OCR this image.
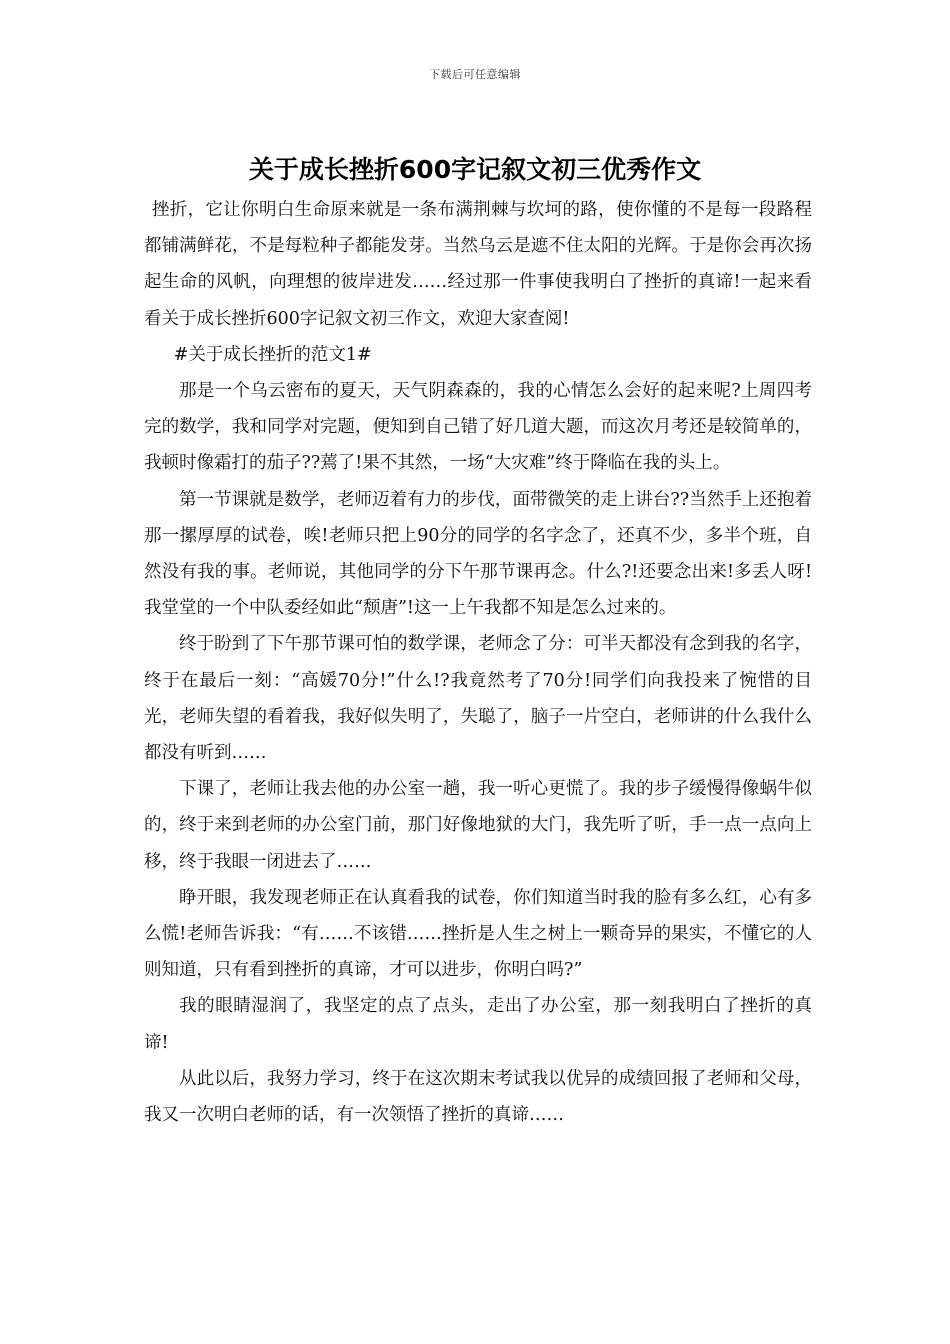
下载后可任意编辑
关于成长挫折600字记叙文初三优秀作文

挫折，它让你明白生命原来就是一条布满荆棘与坎坷的路，使你懂的不是每一段路程都铺满鲜花，不是每粒种子都能发芽。当然乌云是遮不住太阳的光辉。于是你会再次扬起生命的风帆，向理想的彼岸进发……经过那一件事使我明白了挫折的真谛!一起来看看关于成长挫折600字记叙文初三作文，欢迎大家查阅!

#关于成长挫折的范文1#

那是一个乌云密布的夏天，天气阴森森的，我的心情怎么会好的起来呢?上周四考完的数学，我和同学对完题，便知到自己错了好几道大题，而这次月考还是较简单的，我顿时像霜打的茄子??蔫了!果不其然，一场“大灾难”终于降临在我的头上。

第一节课就是数学，老师迈着有力的步伐，面带微笑的走上讲台??当然手上还抱着那一摞厚厚的试卷，唉!老师只把上90分的同学的名字念了，还真不少，多半个班，自然没有我的事。老师说，其他同学的分下午那节课再念。什么?!还要念出来!多丢人呀!我堂堂的一个中队委经如此“颓唐”!这一上午我都不知是怎么过来的。

终于盼到了下午那节课可怕的数学课，老师念了分：可半天都没有念到我的名字，终于在最后一刻：“高媛70分!”什么!?我竟然考了70分!同学们向我投来了惋惜的目光，老师失望的看着我，我好似失明了，失聪了，脑子一片空白，老师讲的什么我什么都没有听到……

下课了，老师让我去他的办公室一趟，我一听心更慌了。我的步子缓慢得像蜗牛似的，终于来到老师的办公室门前，那门好像地狱的大门，我先听了听，手一点一点向上移，终于我眼一闭进去了……

睁开眼，我发现老师正在认真看我的试卷，你们知道当时我的脸有多么红，心有多么慌!老师告诉我：“有……不该错……挫折是人生之树上一颗奇异的果实，不懂它的人则知道，只有看到挫折的真谛，才可以进步，你明白吗?”

我的眼睛湿润了，我坚定的点了点头，走出了办公室，那一刻我明白了挫折的真谛!

从此以后，我努力学习，终于在这次期末考试我以优异的成绩回报了老师和父母，我又一次明白老师的话，有一次领悟了挫折的真谛……
